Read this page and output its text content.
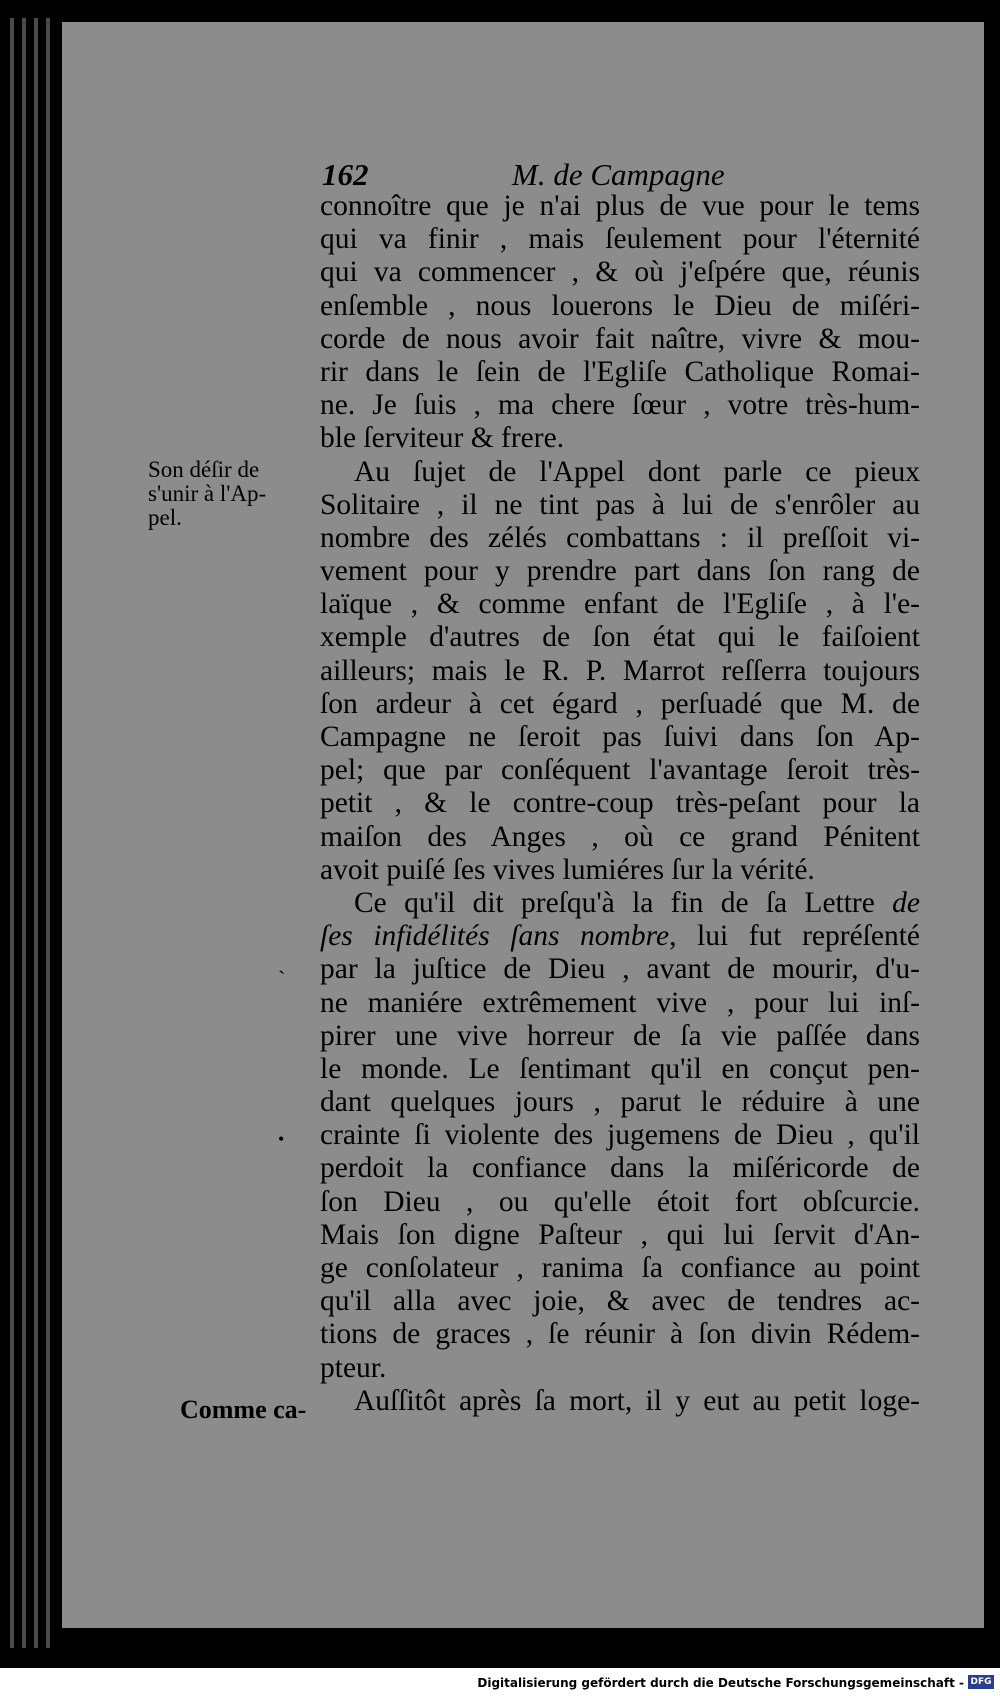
162	M. de Campagne
Son déſir de
s'unir à l'Ap-
pel.
Comme ca-
`
•
connoître que je n'ai plus de vue pour le tems
qui va finir , mais ſeulement pour l'éternité
qui va commencer , & où j'eſpére que, réunis
enſemble , nous louerons le Dieu de miſéri-
corde de nous avoir fait naître, vivre & mou-
rir dans le ſein de l'Egliſe Catholique Romai-
ne. Je ſuis , ma chere ſœur , votre très-hum-
ble ſerviteur & frere.
Au ſujet de l'Appel dont parle ce pieux
Solitaire , il ne tint pas à lui de s'enrôler au
nombre des zélés combattans : il preſſoit vi-
vement pour y prendre part dans ſon rang de
laïque , & comme enfant de l'Egliſe , à l'e-
xemple d'autres de ſon état qui le faiſoient
ailleurs; mais le R. P. Marrot reſſerra toujours
ſon ardeur à cet égard , perſuadé que M. de
Campagne ne ſeroit pas ſuivi dans ſon Ap-
pel; que par conſéquent l'avantage ſeroit très-
petit , & le contre-coup très-peſant pour la
maiſon des Anges , où ce grand Pénitent
avoit puiſé ſes vives lumiéres ſur la vérité.
Ce qu'il dit preſqu'à la fin de ſa Lettre de
ſes infidélités ſans nombre, lui fut repréſenté
par la juſtice de Dieu , avant de mourir, d'u-
ne maniére extrêmement vive , pour lui inſ-
pirer une vive horreur de ſa vie paſſée dans
le monde. Le ſentimant qu'il en conçut pen-
dant quelques jours , parut le réduire à une
crainte ſi violente des jugemens de Dieu , qu'il
perdoit la confiance dans la miſéricorde de
ſon Dieu , ou qu'elle étoit fort obſcurcie.
Mais ſon digne Paſteur , qui lui ſervit d'An-
ge conſolateur , ranima ſa confiance au point
qu'il alla avec joie, & avec de tendres ac-
tions de graces , ſe réunir à ſon divin Rédem-
pteur.
Auſſitôt après ſa mort, il y eut au petit loge-
Digitalisierung gefördert durch die Deutsche Forschungsgemeinschaft - DFG
